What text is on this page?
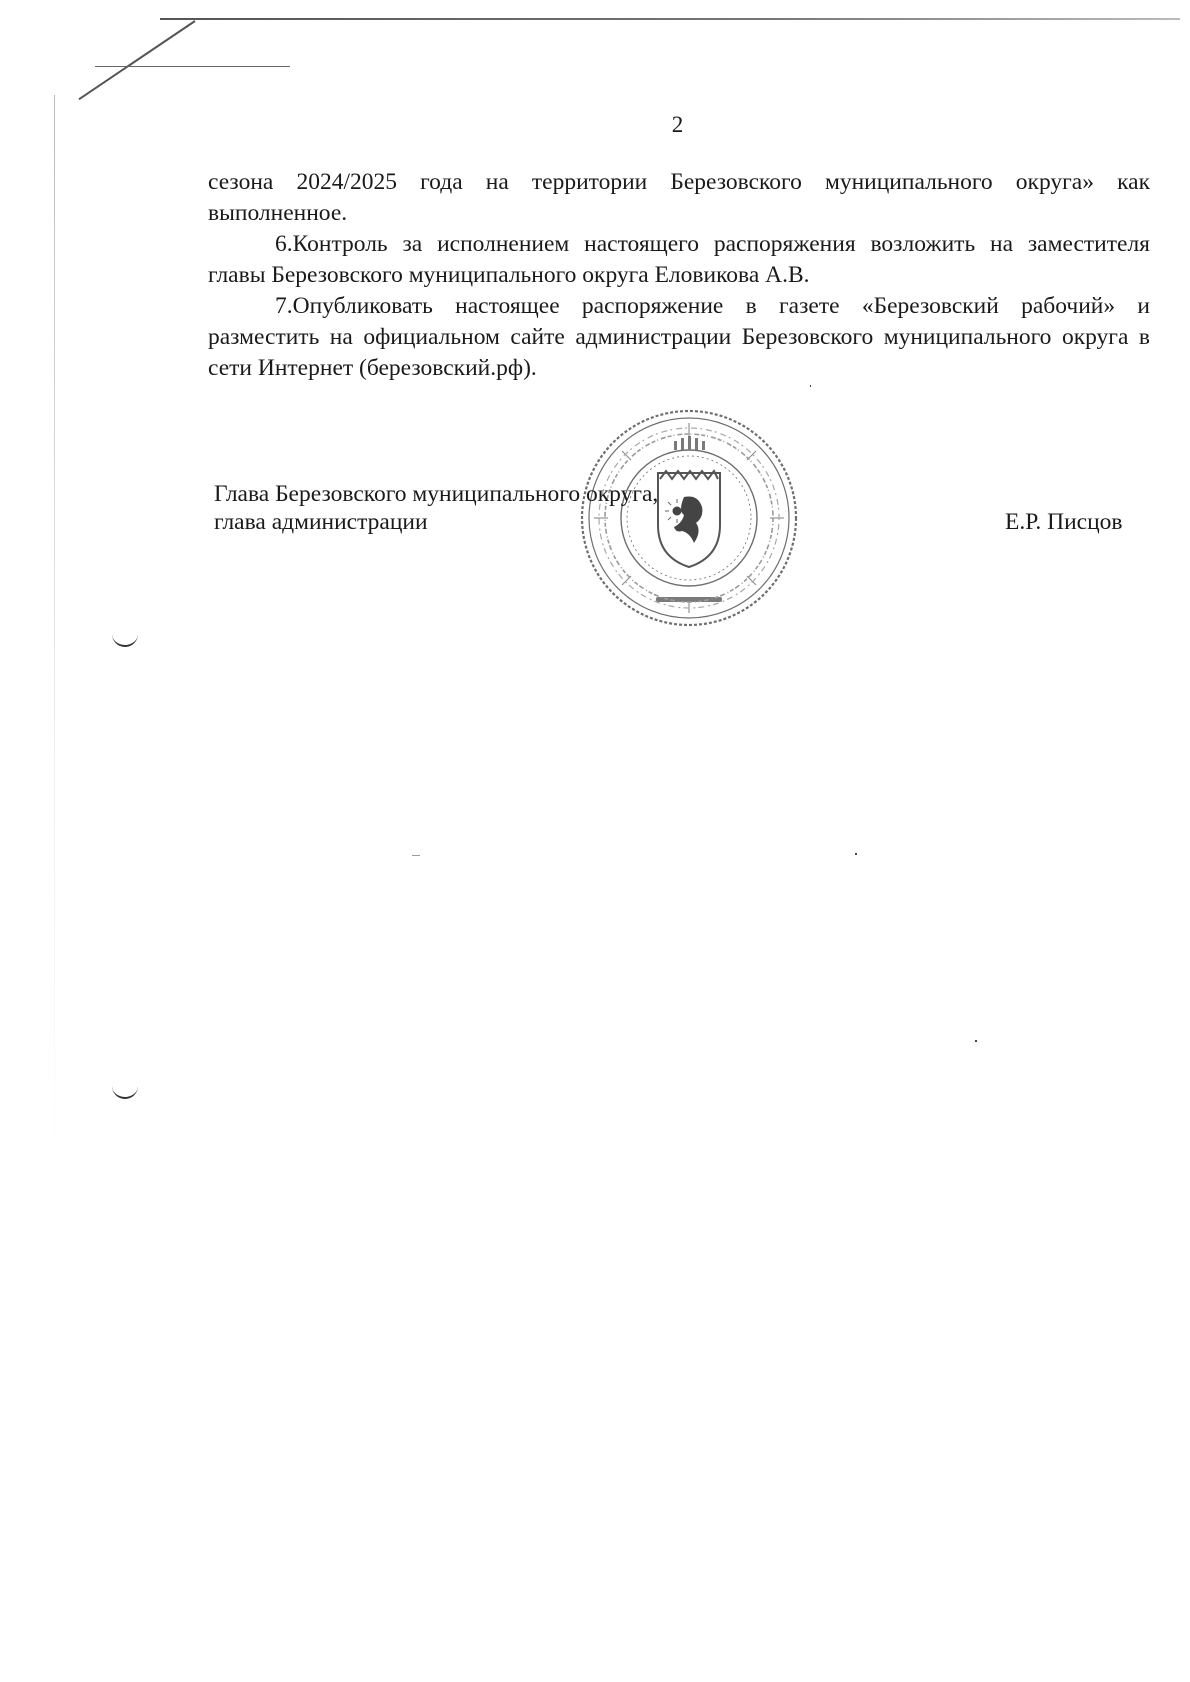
2

сезона 2024/2025 года на территории Березовского муниципального округа» как выполненное.

6.Контроль за исполнением настоящего распоряжения возложить на заместителя главы Березовского муниципального округа Еловикова А.В.

7.Опубликовать настоящее распоряжение в газете «Березовский рабочий» и разместить на официальном сайте администрации Березовского муниципального округа в сети Интернет (березовский.рф).

Глава Березовского муниципального округа,
глава администрации	Е.Р. Писцов
